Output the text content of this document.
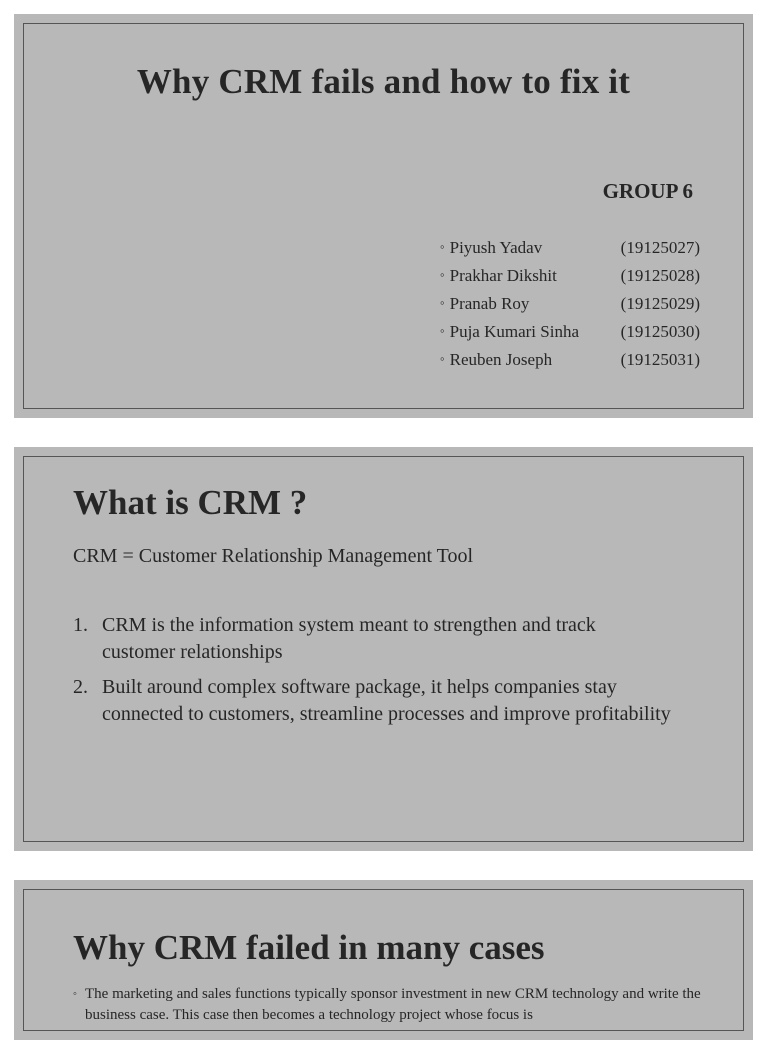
Why CRM fails and how to fix it
GROUP 6
◦ Piyush Yadav	(19125027)
◦ Prakhar Dikshit	(19125028)
◦ Pranab Roy	(19125029)
◦ Puja Kumari Sinha (19125030)
◦ Reuben Joseph	(19125031)
What is CRM ?
CRM = Customer Relationship Management Tool
1. CRM is the information system meant to strengthen and track customer relationships
2. Built around complex software package, it helps companies stay connected to customers, streamline processes and improve profitability
Why CRM failed in many cases
◦ The marketing and sales functions typically sponsor investment in new CRM technology and write the business case. This case then becomes a technology project whose focus is
